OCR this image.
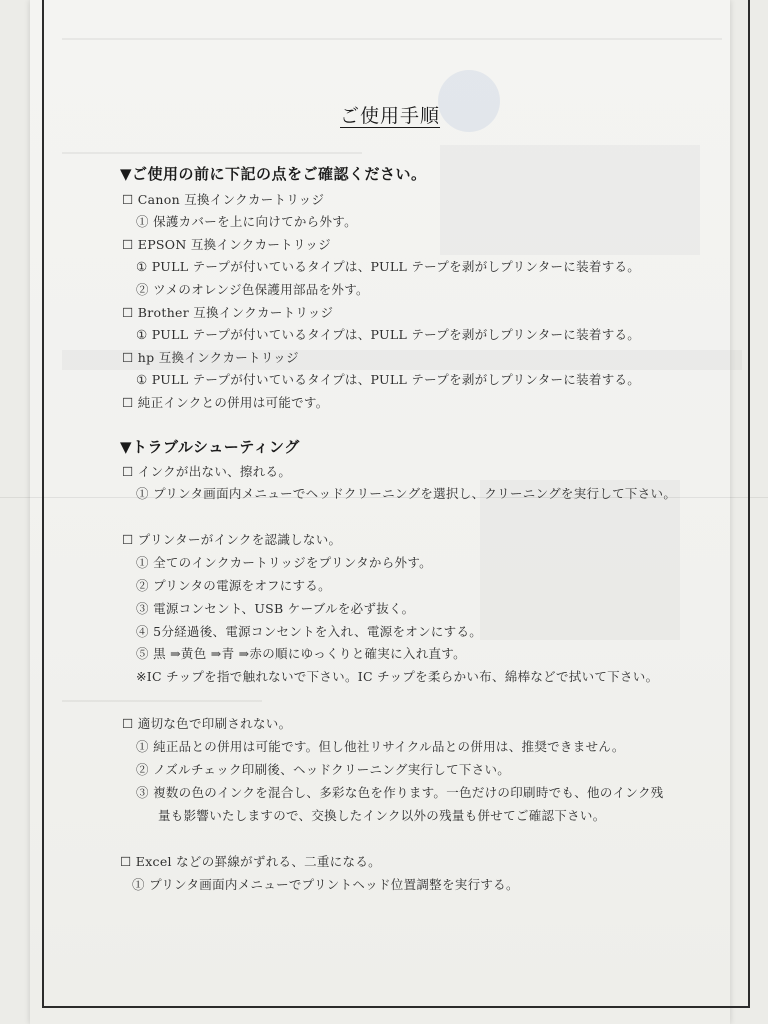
ご使用手順
▼ご使用の前に下記の点をご確認ください。
☐ Canon 互換インクカートリッジ
① 保護カバーを上に向けてから外す。
☐ EPSON 互換インクカートリッジ
① PULL テープが付いているタイプは、PULL テープを剥がしプリンターに装着する。
② ツメのオレンジ色保護用部品を外す。
☐ Brother 互換インクカートリッジ
① PULL テープが付いているタイプは、PULL テープを剥がしプリンターに装着する。
☐ hp 互換インクカートリッジ
① PULL テープが付いているタイプは、PULL テープを剥がしプリンターに装着する。
☐ 純正インクとの併用は可能です。
▼トラブルシューティング
☐ インクが出ない、擦れる。
① プリンタ画面内メニューでヘッドクリーニングを選択し、クリーニングを実行して下さい。
☐ プリンターがインクを認識しない。
① 全てのインクカートリッジをプリンタから外す。
② プリンタの電源をオフにする。
③ 電源コンセント、USB ケーブルを必ず抜く。
④ 5分経過後、電源コンセントを入れ、電源をオンにする。
⑤ 黒 ⇒黄色 ⇒青 ⇒赤の順にゆっくりと確実に入れ直す。
※IC チップを指で触れないで下さい。IC チップを柔らかい布、綿棒などで拭いて下さい。
☐ 適切な色で印刷されない。
① 純正品との併用は可能です。但し他社リサイクル品との併用は、推奨できません。
② ノズルチェック印刷後、ヘッドクリーニング実行して下さい。
③ 複数の色のインクを混合し、多彩な色を作ります。一色だけの印刷時でも、他のインク残
量も影響いたしますので、交換したインク以外の残量も併せてご確認下さい。
☐ Excel などの罫線がずれる、二重になる。
① プリンタ画面内メニューでプリントヘッド位置調整を実行する。
